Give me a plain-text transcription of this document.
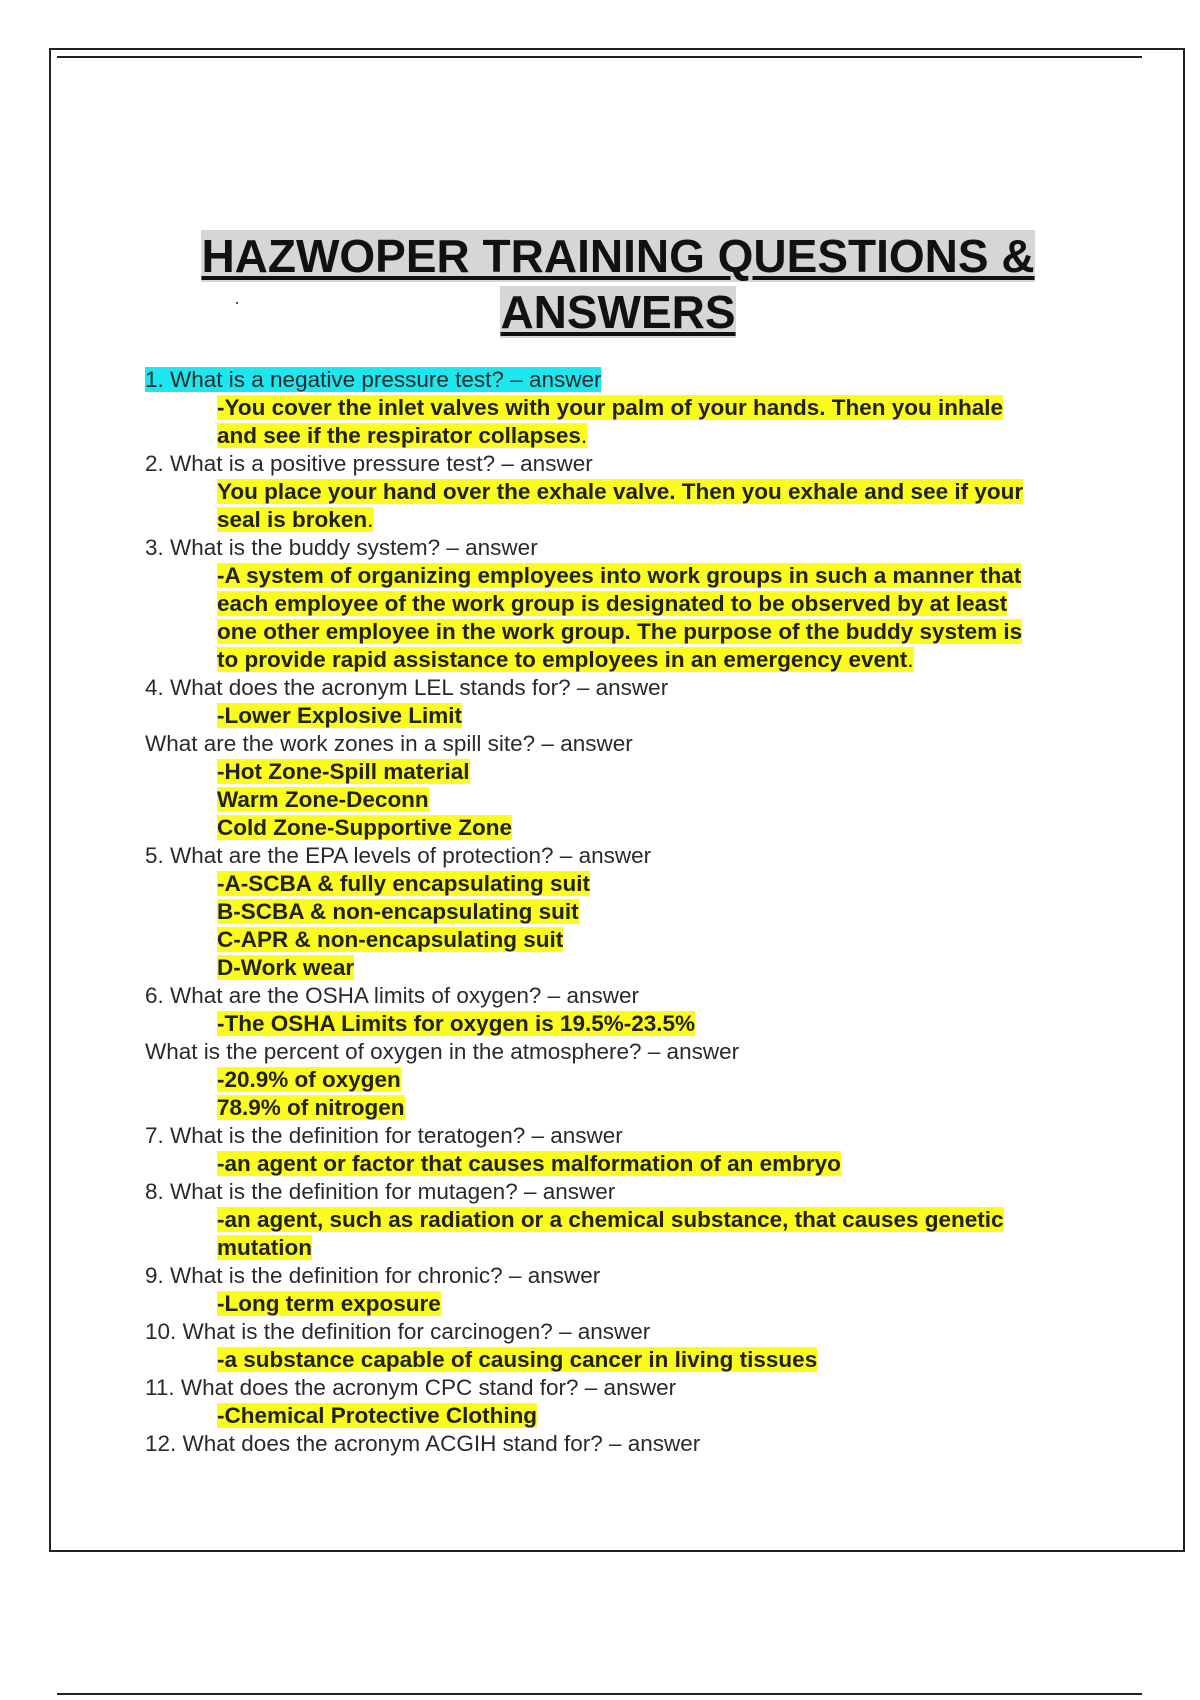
HAZWOPER TRAINING QUESTIONS &
ANSWERS
1. What is a negative pressure test? – answer
-You cover the inlet valves with your palm of your hands. Then you inhale
and see if the respirator collapses.
2. What is a positive pressure test? – answer
You place your hand over the exhale valve. Then you exhale and see if your
seal is broken.
3. What is the buddy system? – answer
-A system of organizing employees into work groups in such a manner that
each employee of the work group is designated to be observed by at least
one other employee in the work group. The purpose of the buddy system is
to provide rapid assistance to employees in an emergency event.
4. What does the acronym LEL stands for? – answer
-Lower Explosive Limit
What are the work zones in a spill site? – answer
-Hot Zone-Spill material
Warm Zone-Deconn
Cold Zone-Supportive Zone
5. What are the EPA levels of protection? – answer
-A-SCBA & fully encapsulating suit
B-SCBA & non-encapsulating suit
C-APR & non-encapsulating suit
D-Work wear
6. What are the OSHA limits of oxygen? – answer
-The OSHA Limits for oxygen is 19.5%-23.5%
What is the percent of oxygen in the atmosphere? – answer
-20.9% of oxygen
78.9% of nitrogen
7. What is the definition for teratogen? – answer
-an agent or factor that causes malformation of an embryo
8. What is the definition for mutagen? – answer
-an agent, such as radiation or a chemical substance, that causes genetic
mutation
9. What is the definition for chronic? – answer
-Long term exposure
10. What is the definition for carcinogen? – answer
-a substance capable of causing cancer in living tissues
11. What does the acronym CPC stand for? – answer
-Chemical Protective Clothing
12. What does the acronym ACGIH stand for? – answer
